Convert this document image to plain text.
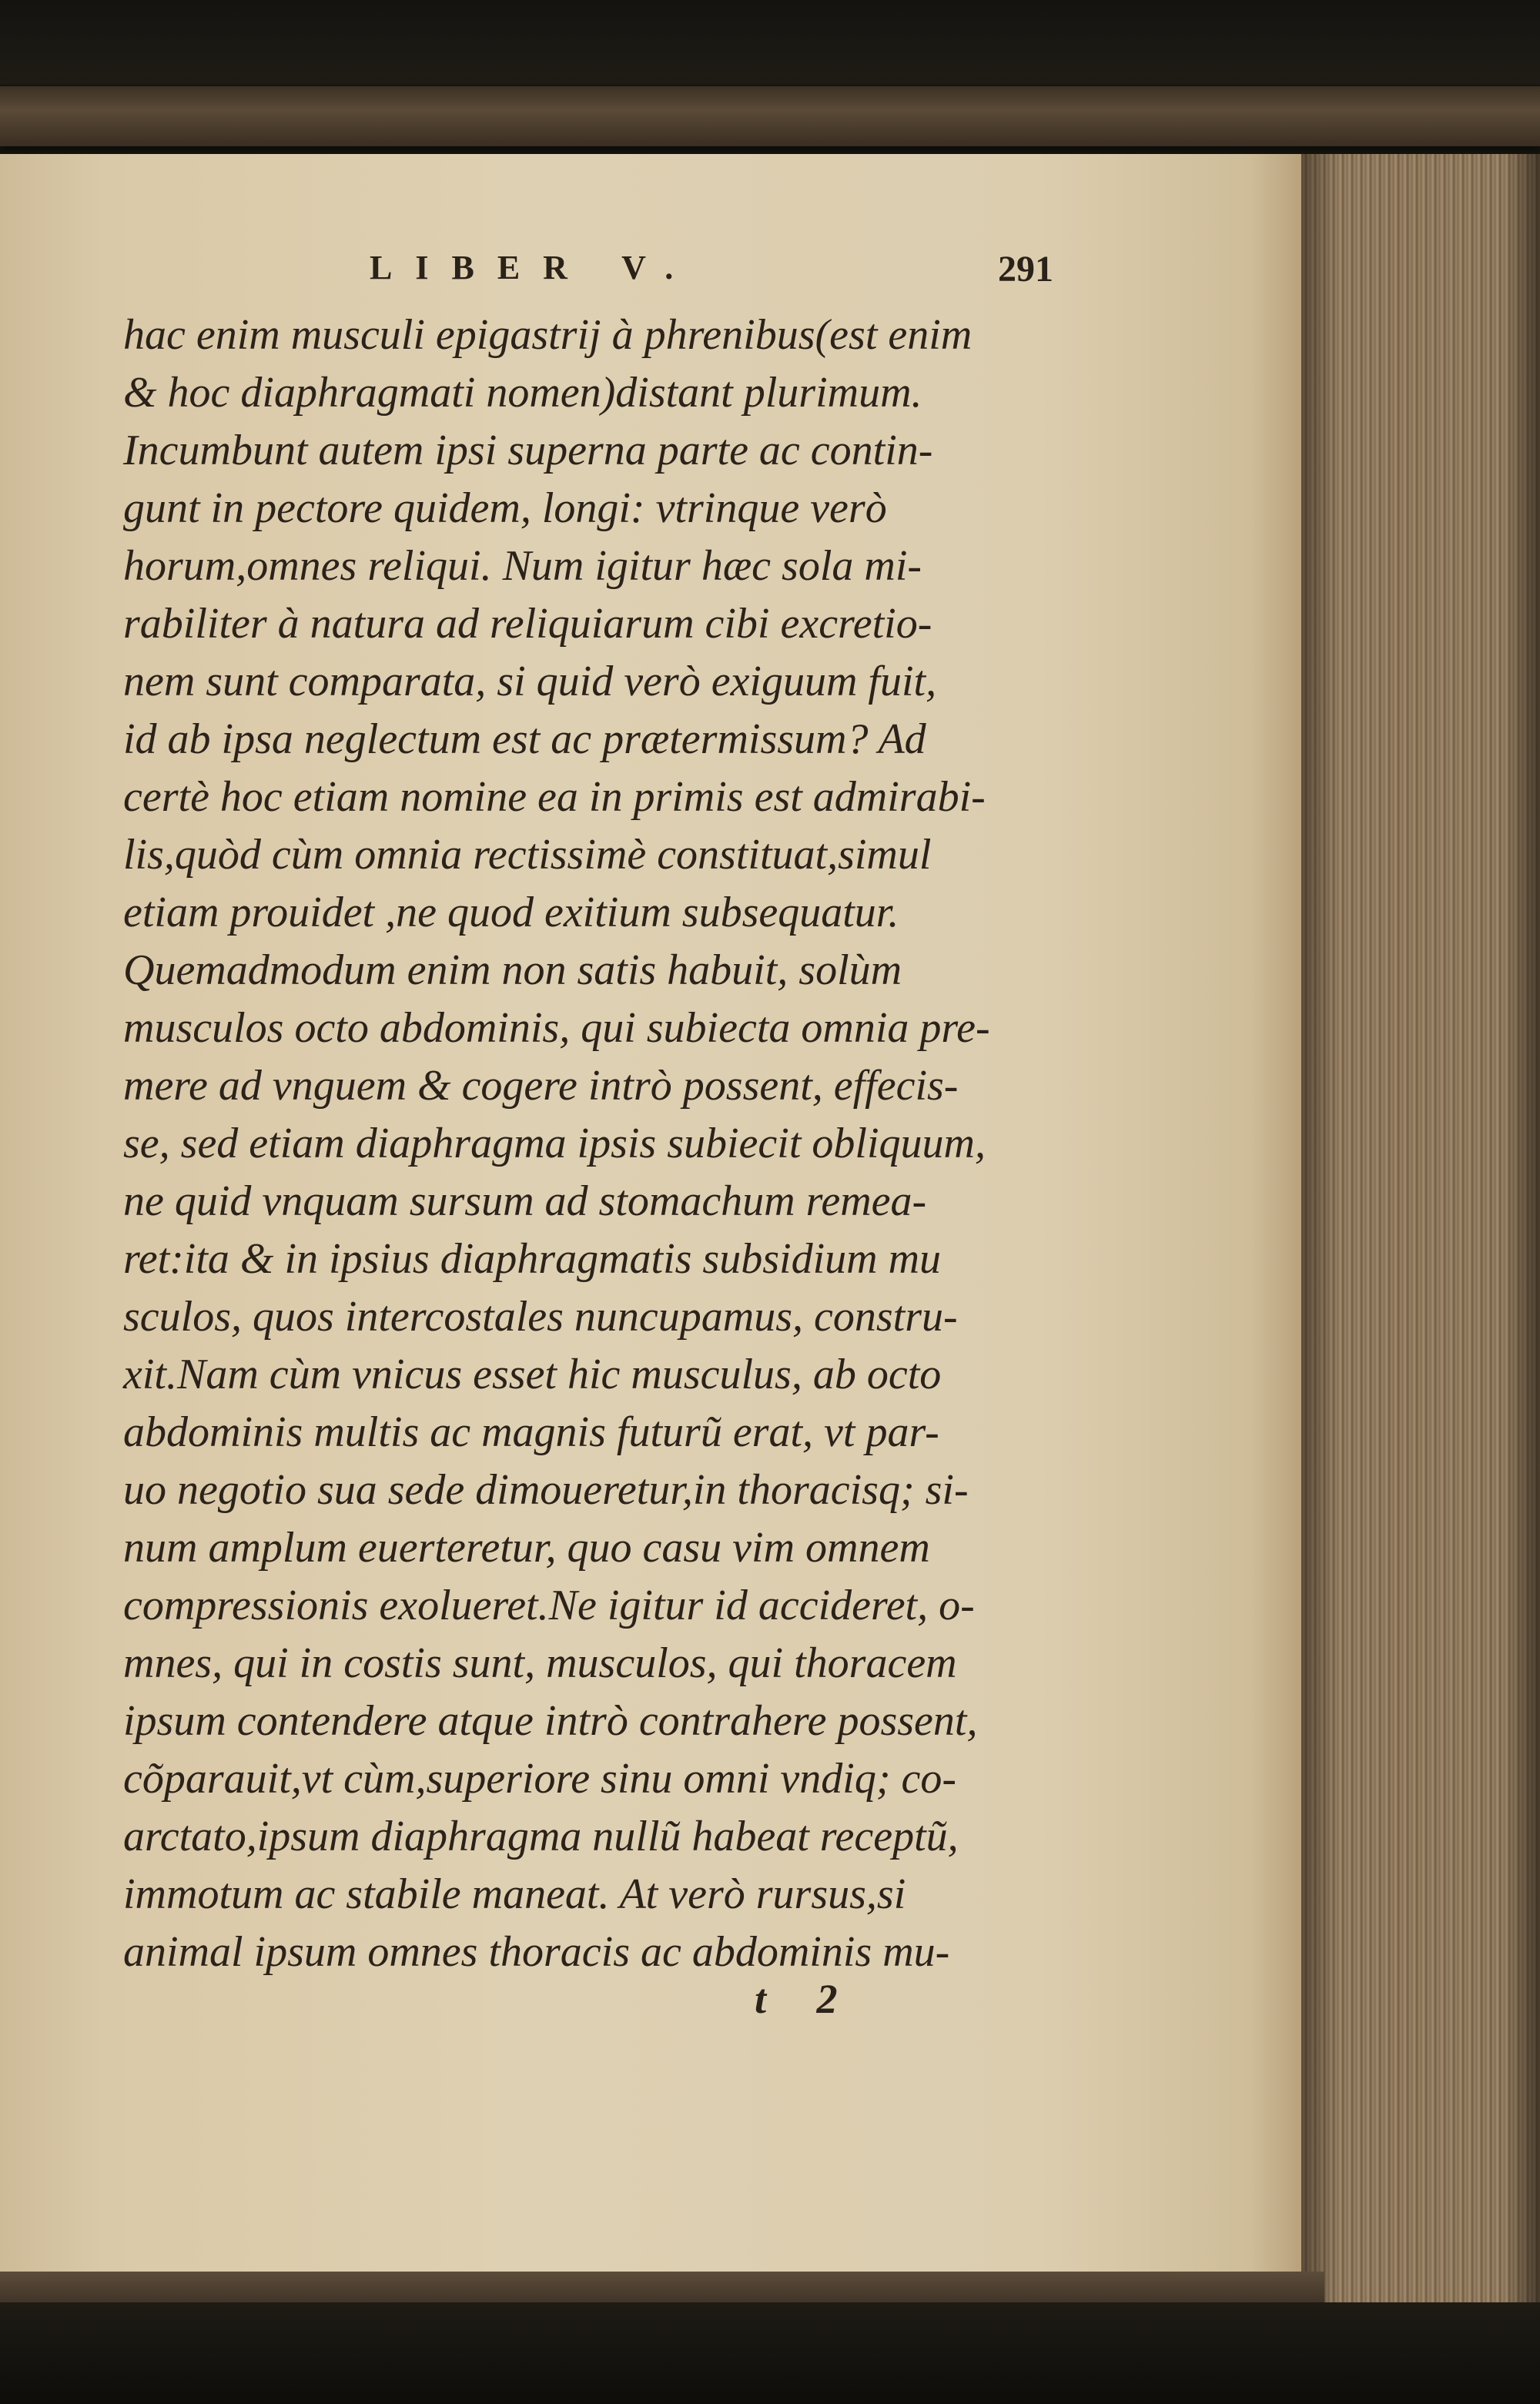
LIBER V.	291
hac enim musculi epigastrij à phrenibus(est enim
& hoc diaphragmati nomen)distant plurimum.
Incumbunt autem ipsi superna parte ac contin-
gunt in pectore quidem, longi: vtrinque verò
horum,omnes reliqui. Num igitur hæc sola mi-
rabiliter à natura ad reliquiarum cibi excretio-
nem sunt comparata, si quid verò exiguum fuit,
id ab ipsa neglectum est ac prætermissum? Ad
certè hoc etiam nomine ea in primis est admirabi-
lis,quòd cùm omnia rectissimè constituat,simul
etiam prouidet ,ne quod exitium subsequatur.
Quemadmodum enim non satis habuit, solùm
musculos octo abdominis, qui subiecta omnia pre-
mere ad vnguem & cogere intrò possent, effecis-
se, sed etiam diaphragma ipsis subiecit obliquum,
ne quid vnquam sursum ad stomachum remea-
ret:ita & in ipsius diaphragmatis subsidium mu
sculos, quos intercostales nuncupamus, constru-
xit.Nam cùm vnicus esset hic musculus, ab octo
abdominis multis ac magnis futurũ erat, vt par-
uo negotio sua sede dimoueretur,in thoracisq; si-
num amplum euerteretur, quo casu vim omnem
compressionis exolueret.Ne igitur id accideret, o-
mnes, qui in costis sunt, musculos, qui thoracem
ipsum contendere atque intrò contrahere possent,
cõparauit,vt cùm,superiore sinu omni vndiq; co-
arctato,ipsum diaphragma nullũ habeat receptũ,
immotum ac stabile maneat. At verò rursus,si
animal ipsum omnes thoracis ac abdominis mu-
t 2
